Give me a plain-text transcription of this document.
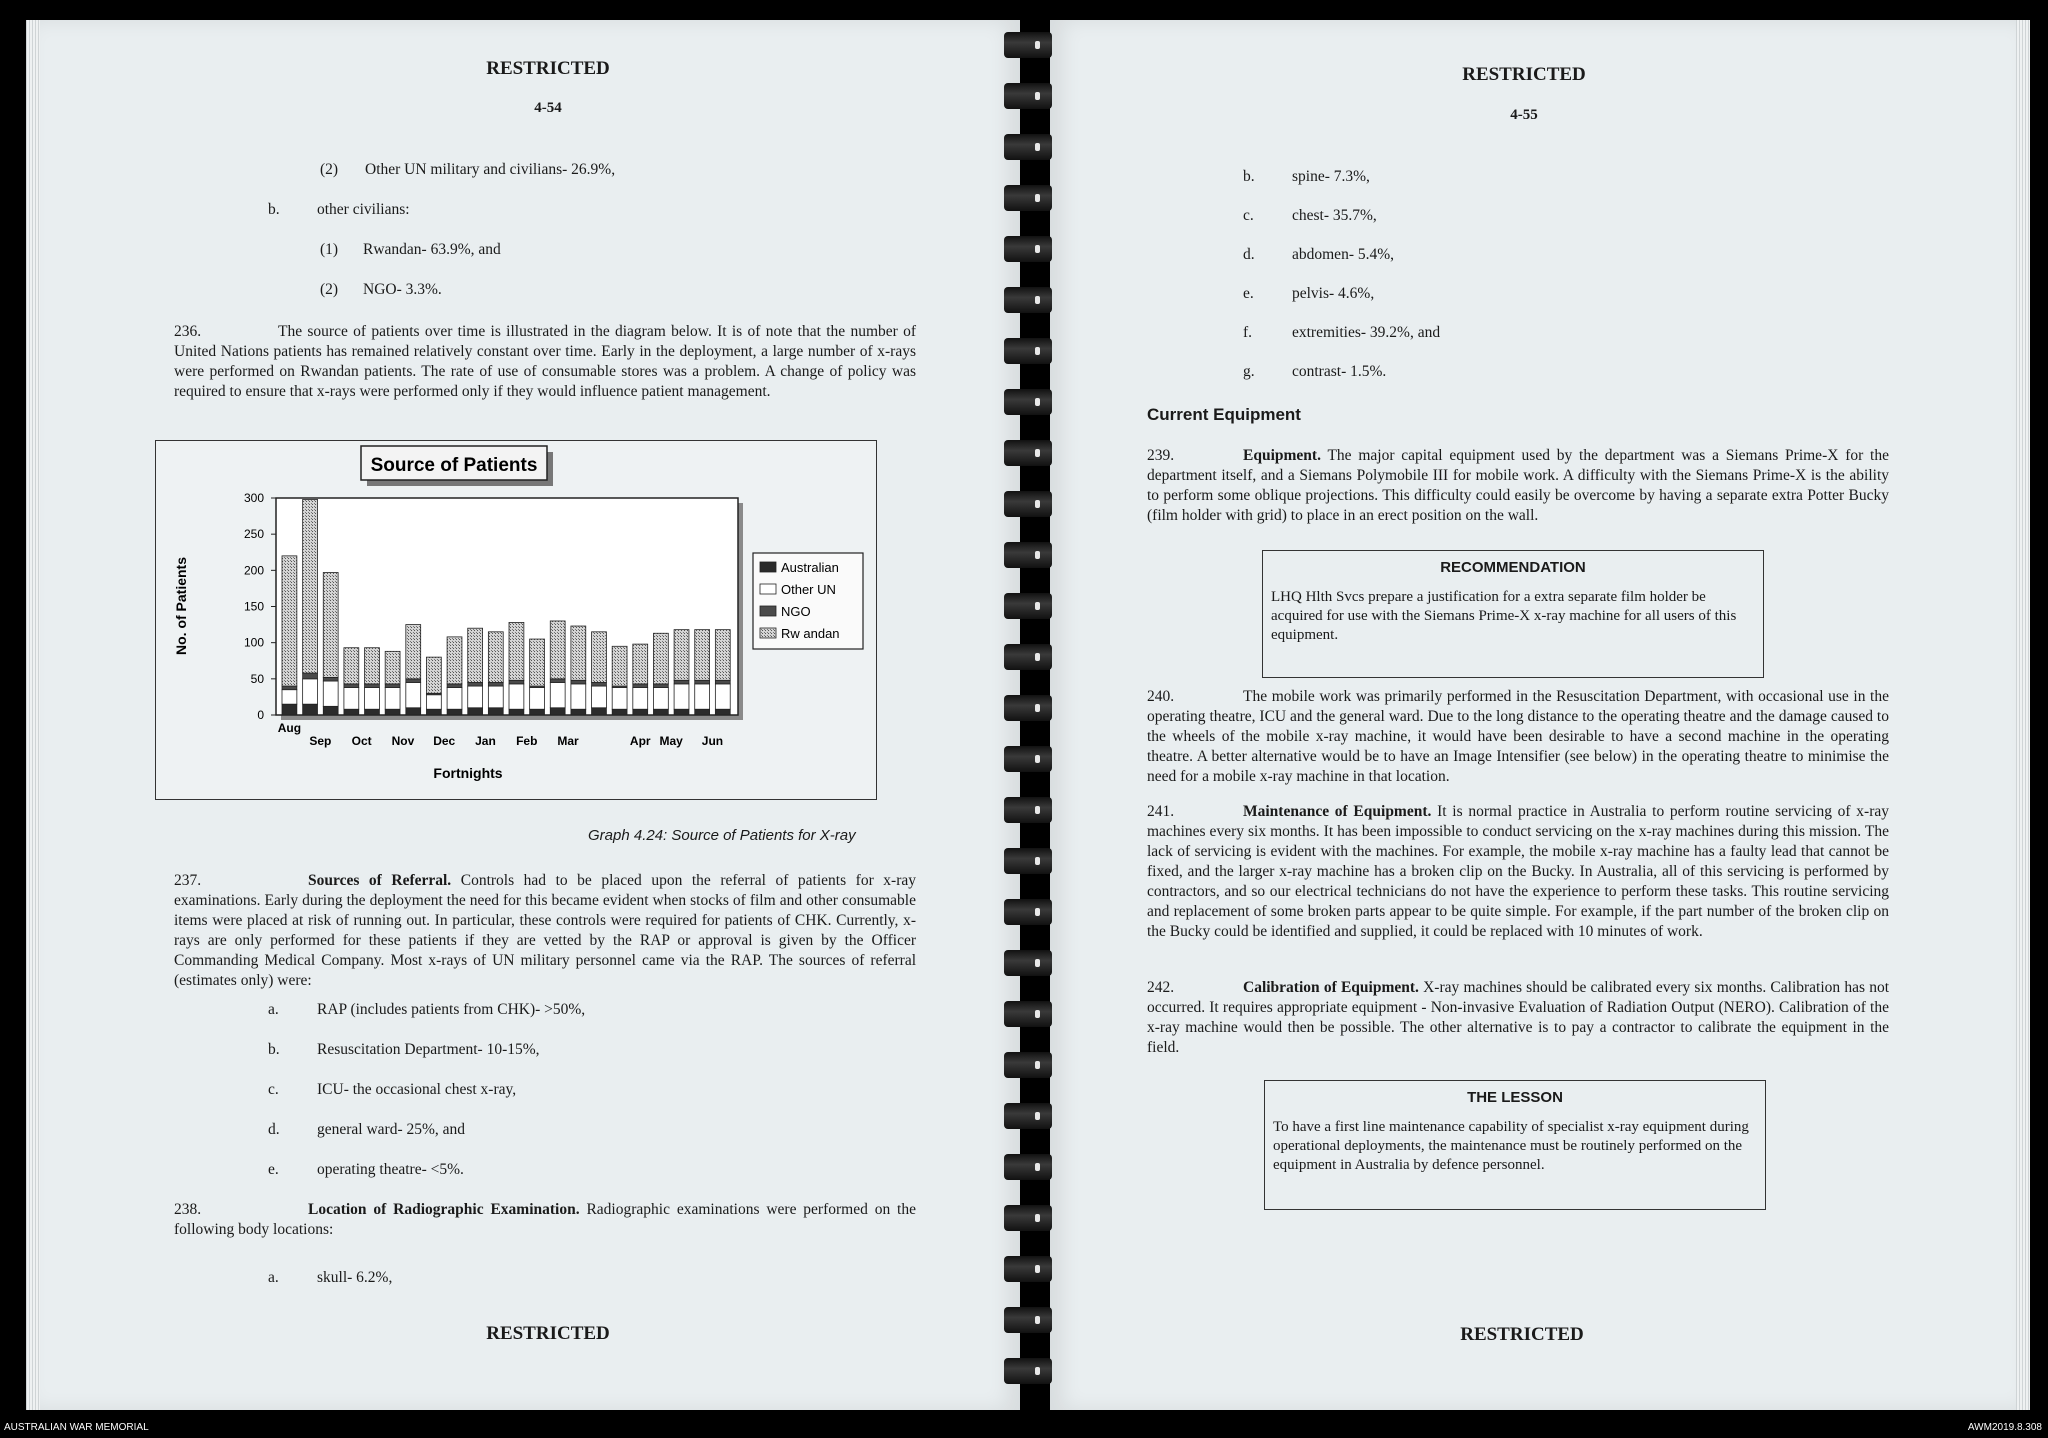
RESTRICTED
4-54
(2) Other UN military and civilians- 26.9%,
b. other civilians:
(1) Rwandan- 63.9%, and
(2) NGO- 3.3%.
236.	The source of patients over time is illustrated in the diagram below. It is of note that the number of United Nations patients has remained relatively constant over time. Early in the deployment, a large number of x-rays were performed on Rwandan patients. The rate of use of consumable stores was a problem. A change of policy was required to ensure that x-rays were performed only if they would influence patient management.
Graph 4.24: Source of Patients for X-ray
237.	Sources of Referral. Controls had to be placed upon the referral of patients for x-ray examinations. Early during the deployment the need for this became evident when stocks of film and other consumable items were placed at risk of running out. In particular, these controls were required for patients of CHK. Currently, x-rays are only performed for these patients if they are vetted by the RAP or approval is given by the Officer Commanding Medical Company. Most x-rays of UN military personnel came via the RAP. The sources of referral (estimates only) were:
a. RAP (includes patients from CHK)- >50%,
b. Resuscitation Department- 10-15%,
c. ICU- the occasional chest x-ray,
d. general ward- 25%, and
e. operating theatre- <5%.
238.	Location of Radiographic Examination. Radiographic examinations were performed on the following body locations:
a. skull- 6.2%,
RESTRICTED
Source of Patients
0
50
100
150
200
250
300
No. of Patients
Fortnights
Aug
Sep Oct Nov Dec Jan Feb Mar	Apr May Jun
Australian
Other UN
NGO
Rw andan
RESTRICTED
4-55
b. spine- 7.3%,
c. chest- 35.7%,
d. abdomen- 5.4%,
e. pelvis- 4.6%,
f.	extremities- 39.2%, and
g. contrast- 1.5%.
Current Equipment
239.	Equipment. The major capital equipment used by the department was a Siemans Prime-X for the department itself, and a Siemans Polymobile III for mobile work. A difficulty with the Siemans Prime-X is the ability to perform some oblique projections. This difficulty could easily be overcome by having a separate extra Potter Bucky (film holder with grid) to place in an erect position on the wall.
RECOMMENDATION
LHQ Hlth Svcs prepare a justification for a extra separate film holder be acquired for use with the Siemans Prime-X x-ray machine for all users of this equipment.
240.	The mobile work was primarily performed in the Resuscitation Department, with occasional use in the operating theatre, ICU and the general ward. Due to the long distance to the operating theatre and the damage caused to the wheels of the mobile x-ray machine, it would have been desirable to have a second machine in the operating theatre. A better alternative would be to have an Image Intensifier (see below) in the operating theatre to minimise the need for a mobile x-ray machine in that location.
241.	Maintenance of Equipment. It is normal practice in Australia to perform routine servicing of x-ray machines every six months. It has been impossible to conduct servicing on the x-ray machines during this mission. The lack of servicing is evident with the machines. For example, the mobile x-ray machine has a faulty lead that cannot be fixed, and the larger x-ray machine has a broken clip on the Bucky. In Australia, all of this servicing is performed by contractors, and so our electrical technicians do not have the experience to perform these tasks. This routine servicing and replacement of some broken parts appear to be quite simple. For example, if the part number of the broken clip on the Bucky could be identified and supplied, it could be replaced with 10 minutes of work.
242.	Calibration of Equipment. X-ray machines should be calibrated every six months. Calibration has not occurred. It requires appropriate equipment - Non-invasive Evaluation of Radiation Output (NERO). Calibration of the x-ray machine would then be possible. The other alternative is to pay a contractor to calibrate the equipment in the field.
THE LESSON
To have a first line maintenance capability of specialist x-ray equipment during operational deployments, the maintenance must be routinely performed on the equipment in Australia by defence personnel.
RESTRICTED
AUSTRALIAN WAR MEMORIAL	AWM2019.8.308
